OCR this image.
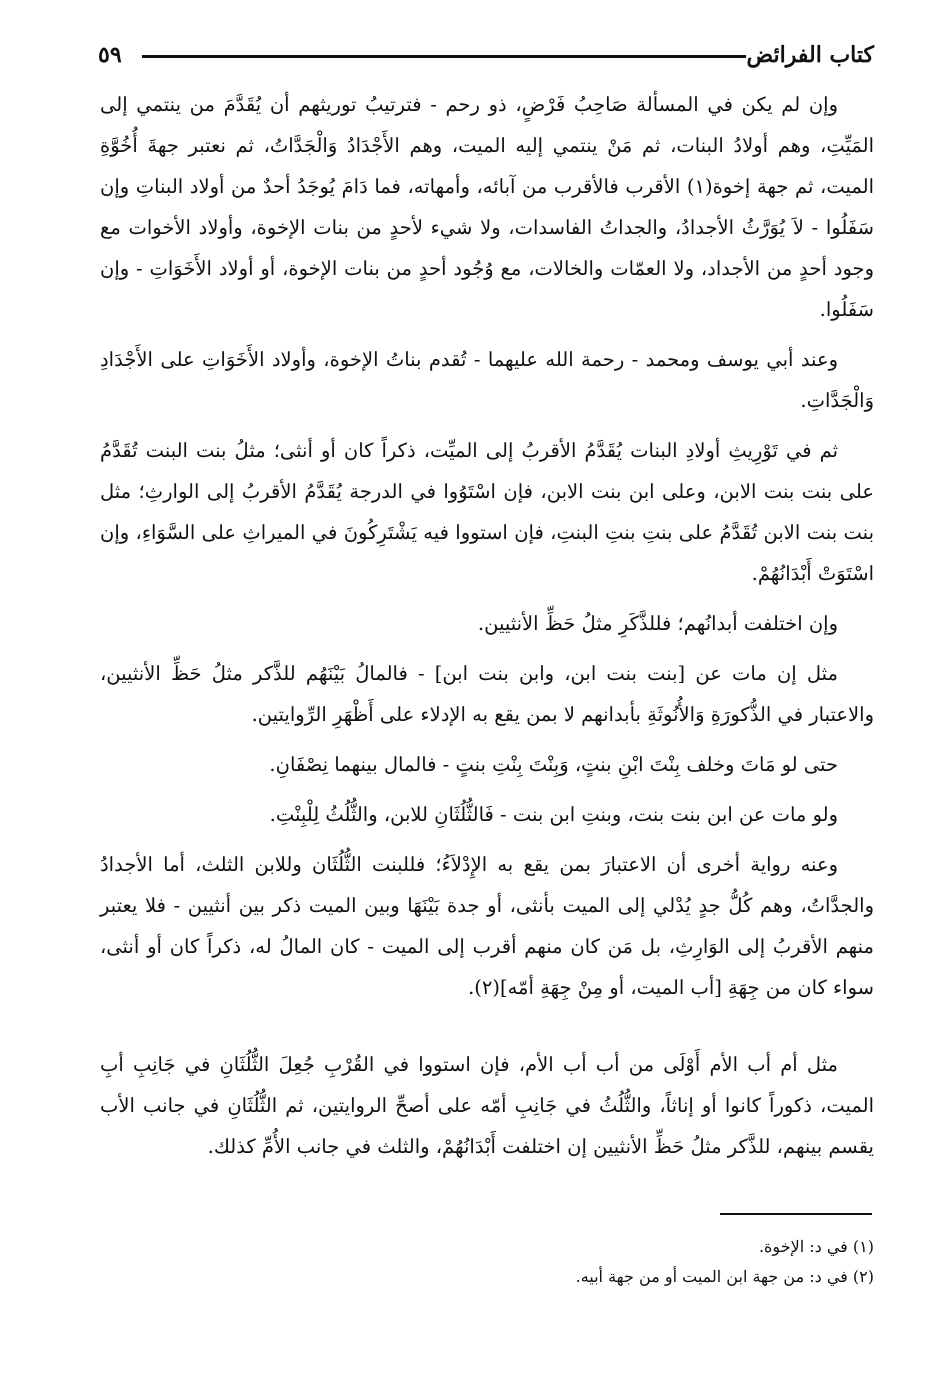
كتاب الفرائض
٥٩

وإن لم يكن في المسألة صَاحِبُ فَرْضٍ، ذو رحم - فترتيبُ توريثهم أن يُقَدَّمَ من ينتمي إلى المَيِّتِ، وهم أولادُ البنات، ثم مَنْ ينتمي إليه الميت، وهم الأَجْدَادُ وَالْجَدَّاتُ، ثم نعتبر جهةَ أُخُوَّةِ الميت، ثم جهة إخوة(١) الأقرب فالأقرب من آبائه، وأمهاته، فما دَامَ يُوجَدُ أحدٌ من أولاد البناتِ وإن سَفَلُوا - لاَ يُوَرَّثُ الأجدادُ، والجداتُ الفاسدات، ولا شيء لأحدٍ من بنات الإخوة، وأولاد الأخوات مع وجود أحدٍ من الأجداد، ولا العمّات والخالات، مع وُجُود أحدٍ من بنات الإخوة، أو أولاد الأَخَوَاتِ - وإن سَفَلُوا.

وعند أبي يوسف ومحمد - رحمة الله عليهما - تُقدم بناتُ الإخوة، وأولاد الأَخَوَاتِ على الأَجْدَادِ وَالْجَدَّاتِ.

ثم في تَوْرِيثِ أولادِ البنات يُقَدَّمُ الأقربُ إلى الميِّت، ذكراً كان أو أنثى؛ مثلُ بنت البنت تُقَدَّمُ على بنت بنت الابن، وعلى ابن بنت الابن، فإن اسْتَوُوا في الدرجة يُقَدَّمُ الأقربُ إلى الوارثِ؛ مثل بنت بنت الابن تُقَدَّمُ على بنتِ بنتِ البنتِ، فإن استووا فيه يَشْتَرِكُونَ في الميراثِ على السَّوَاءِ، وإن اسْتَوَتْ أَبْدَانُهُمْ.

وإن اختلفت أبدانُهم؛ فللذَّكَرِ مثلُ حَظِّ الأنثيين.

مثل إن مات عن [بنت بنت ابن، وابن بنت ابن] - فالمالُ بَيْنَهُم للذَّكر مثلُ حَظِّ الأنثيين، والاعتبار في الذُّكورَةِ وَالأُنُوثَةِ بأبدانهم لا بمن يقع به الإدلاء على أَظْهَرِ الرِّوايتين.

حتى لو مَاتَ وخلف بِنْتَ ابْنِ بنتٍ، وَبِنْتَ بِنْتِ بنتٍ - فالمال بينهما نِصْفَانِ.

ولو مات عن ابن بنت بنت، وبنتِ ابن بنت - فَالثُّلُثَانِ للابن، والثُّلُثُ لِلْبِنْتِ.

وعنه رواية أخرى أن الاعتبارَ بمن يقع به الإِدْلاَءُ؛ فللبنت الثُّلُثَان وللابن الثلث، أما الأجدادُ والجدَّاتُ، وهم كُلُّ جدٍ يُدْلي إلى الميت بأنثى، أو جدة بَيْنَهَا وبين الميت ذكر بين أنثيين - فلا يعتبر منهم الأقربُ إلى الوَارِثِ، بل مَن كان منهم أقرب إلى الميت - كان المالُ له، ذكراً كان أو أنثى، سواء كان من جِهَةِ [أب الميت، أو مِنْ جِهَةِ أمّه](٢).

مثل أم أب الأم أَوْلَى من أب أب الأم، فإن استووا في القُرْبِ جُعِلَ الثُّلُثَانِ في جَانِبِ أبِ الميت، ذكوراً كانوا أو إناثاً، والثُّلُثُ في جَانِبِ أمّه على أصحِّ الروايتين، ثم الثُّلُثَانِ في جانب الأب يقسم بينهم، للذَّكر مثلُ حَظِّ الأنثيين إن اختلفت أَبْدَانُهُمْ، والثلث في جانب الأُمِّ كذلك.

(١) في د: الإخوة.
(٢) في د: من جهة ابن الميت أو من جهة أبيه.
